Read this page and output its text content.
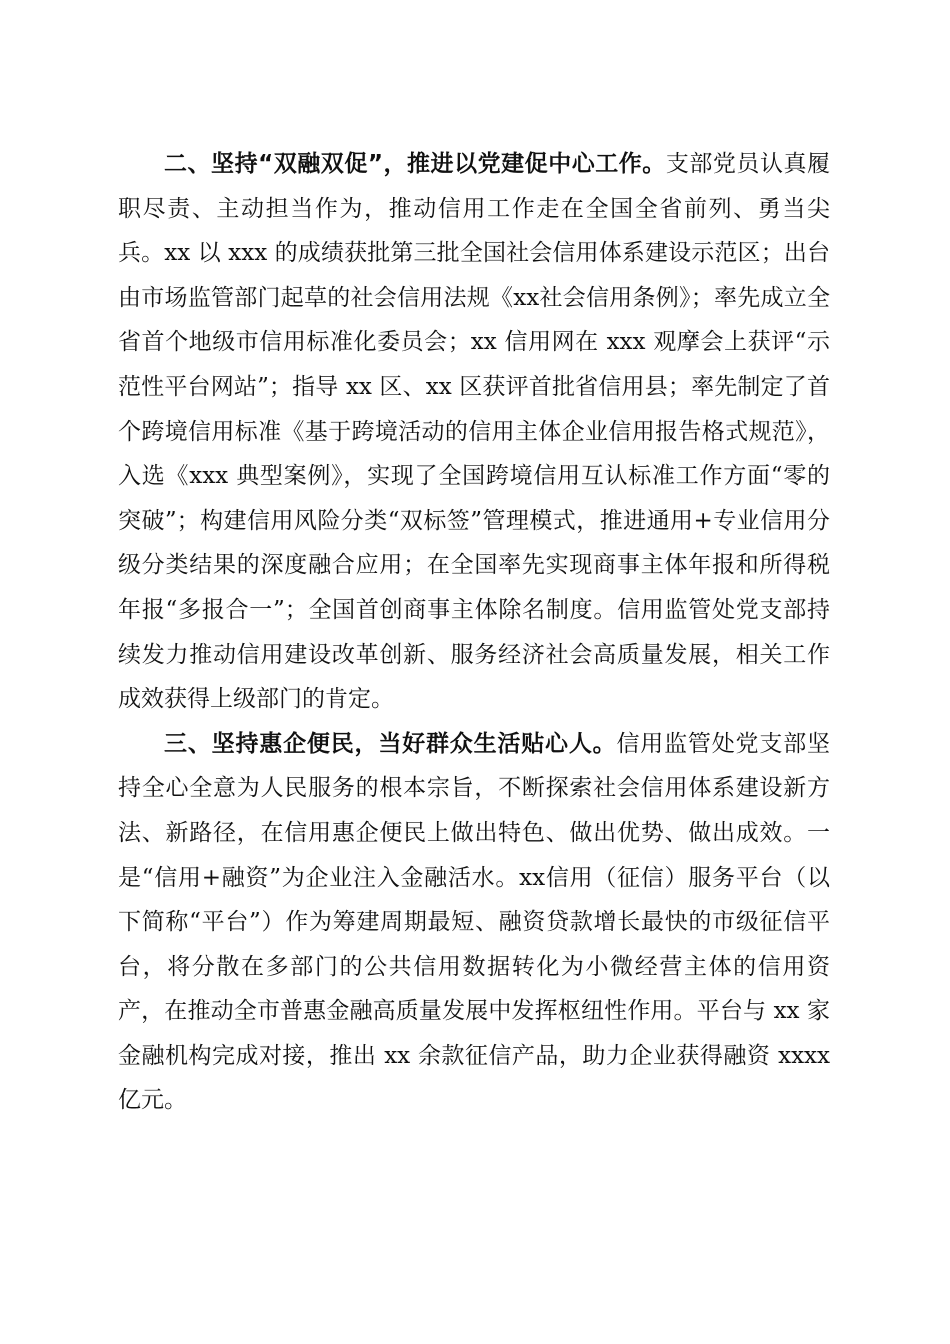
二、坚持“双融双促”，推进以党建促中心工作。支部党员认真履职尽责、主动担当作为，推动信用工作走在全国全省前列、勇当尖兵。xx 以 xxx 的成绩获批第三批全国社会信用体系建设示范区；出台由市场监管部门起草的社会信用法规《xx社会信用条例》；率先成立全省首个地级市信用标准化委员会；xx 信用网在 xxx 观摩会上获评“示范性平台网站”；指导 xx 区、xx 区获评首批省信用县；率先制定了首个跨境信用标准《基于跨境活动的信用主体企业信用报告格式规范》，入选《xxx 典型案例》，实现了全国跨境信用互认标准工作方面“零的突破”；构建信用风险分类“双标签”管理模式，推进通用+专业信用分级分类结果的深度融合应用；在全国率先实现商事主体年报和所得税年报“多报合一”；全国首创商事主体除名制度。信用监管处党支部持续发力推动信用建设改革创新、服务经济社会高质量发展，相关工作成效获得上级部门的肯定。

三、坚持惠企便民，当好群众生活贴心人。信用监管处党支部坚持全心全意为人民服务的根本宗旨，不断探索社会信用体系建设新方法、新路径，在信用惠企便民上做出特色、做出优势、做出成效。一是“信用+融资”为企业注入金融活水。xx信用（征信）服务平台（以下简称“平台”）作为筹建周期最短、融资贷款增长最快的市级征信平台，将分散在多部门的公共信用数据转化为小微经营主体的信用资产，在推动全市普惠金融高质量发展中发挥枢纽性作用。平台与 xx 家金融机构完成对接，推出 xx 余款征信产品，助力企业获得融资 xxxx 亿元。
